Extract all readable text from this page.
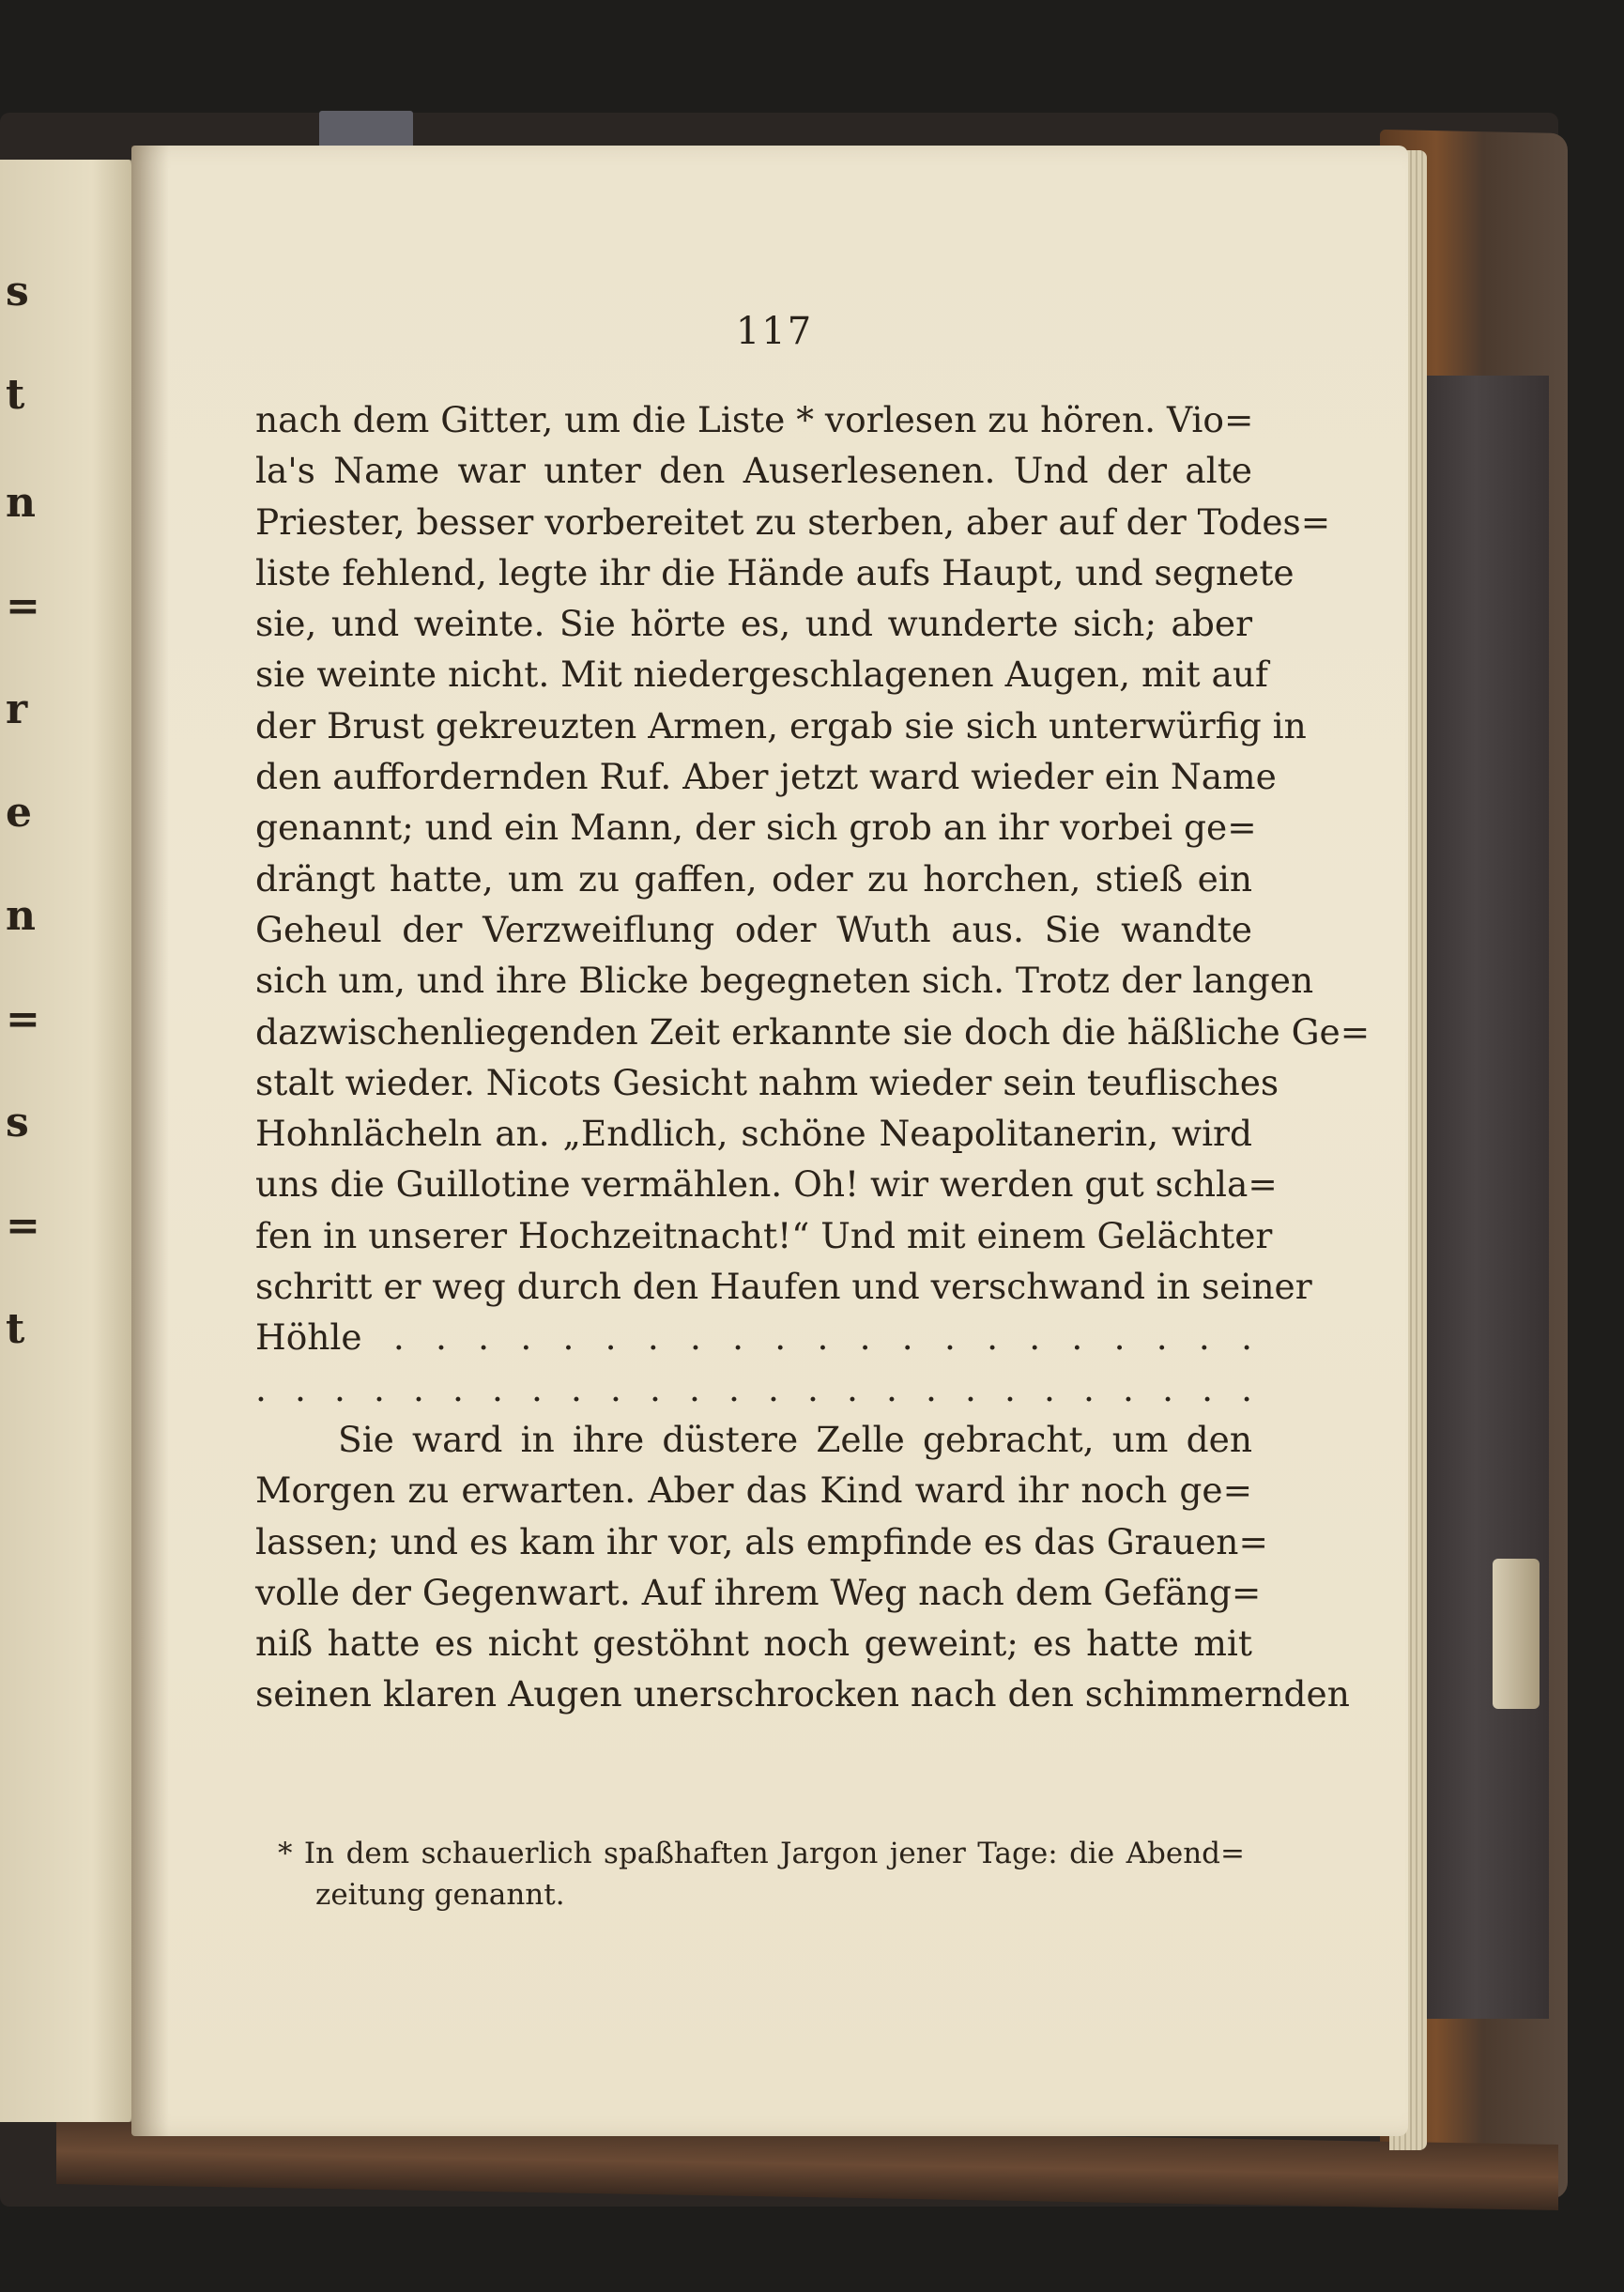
s
t
n
=
r
e
n
=
s
=
t
117
nach dem Gitter, um die Liste * vorlesen zu hören. Vio=
la's Name war unter den Auserlesenen. Und der alte
Priester, besser vorbereitet zu sterben, aber auf der Todes=
liste fehlend, legte ihr die Hände aufs Haupt, und segnete
sie, und weinte. Sie hörte es, und wunderte sich; aber
sie weinte nicht. Mit niedergeschlagenen Augen, mit auf
der Brust gekreuzten Armen, ergab sie sich unterwürfig in
den auffordernden Ruf. Aber jetzt ward wieder ein Name
genannt; und ein Mann, der sich grob an ihr vorbei ge=
drängt hatte, um zu gaffen, oder zu horchen, stieß ein
Geheul der Verzweiflung oder Wuth aus. Sie wandte
sich um, und ihre Blicke begegneten sich. Trotz der langen
dazwischenliegenden Zeit erkannte sie doch die häßliche Ge=
stalt wieder. Nicots Gesicht nahm wieder sein teuflisches
Hohnlächeln an. „Endlich, schöne Neapolitanerin, wird
uns die Guillotine vermählen. Oh! wir werden gut schla=
fen in unserer Hochzeitnacht!“ Und mit einem Gelächter
schritt er weg durch den Haufen und verschwand in seiner
Höhle . . . . . . . . . . . . . . . . . . . . .
. . . . . . . . . . . . . . . . . . . . . . . . . .
Sie ward in ihre düstere Zelle gebracht, um den
Morgen zu erwarten. Aber das Kind ward ihr noch ge=
lassen; und es kam ihr vor, als empfinde es das Grauen=
volle der Gegenwart. Auf ihrem Weg nach dem Gefäng=
niß hatte es nicht gestöhnt noch geweint; es hatte mit
seinen klaren Augen unerschrocken nach den schimmernden
* In dem schauerlich spaßhaften Jargon jener Tage: die Abend=
zeitung genannt.
